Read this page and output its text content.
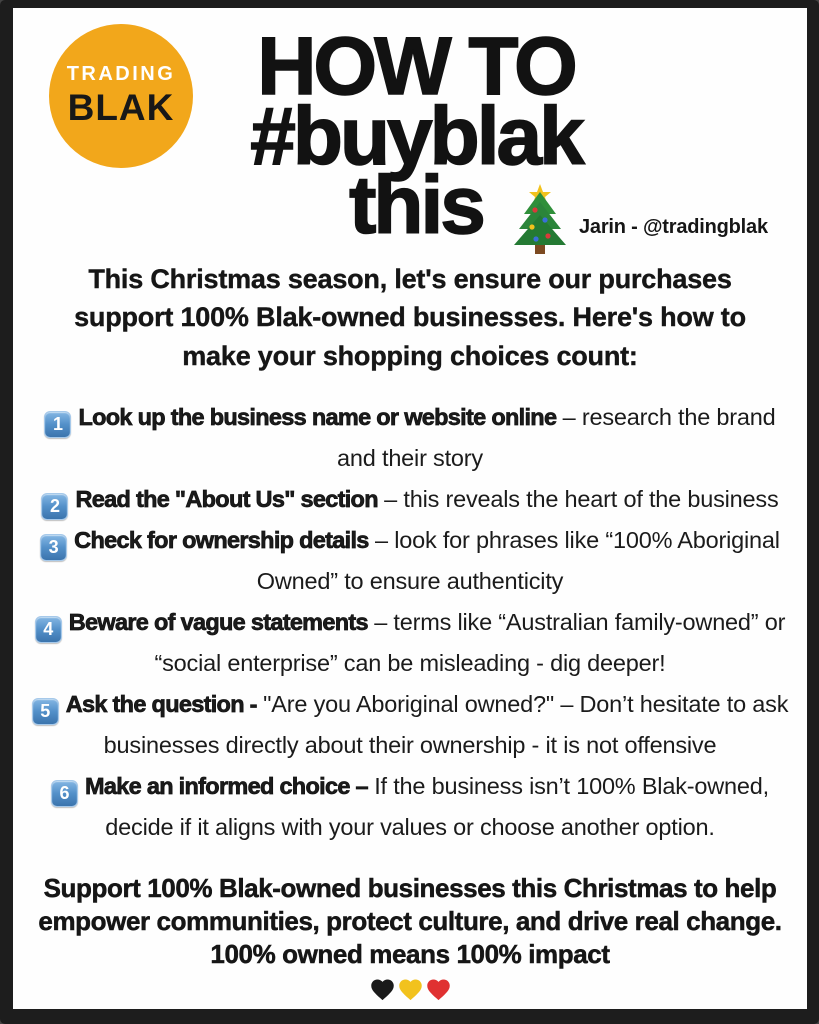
TRADING
BLAK	HOW TO
#buyblak
this	Jarin - @tradingblak
This Christmas season, let's ensure our purchases support 100% Blak-owned businesses. Here's how to make your shopping choices count:
1 Look up the business name or website online – research the brand and their story
2 Read the "About Us" section – this reveals the heart of the business
3 Check for ownership details – look for phrases like “100% Aboriginal Owned” to ensure authenticity
4 Beware of vague statements – terms like “Australian family-owned” or “social enterprise” can be misleading - dig deeper!
5 Ask the question - "Are you Aboriginal owned?" – Don’t hesitate to ask businesses directly about their ownership - it is not offensive
6 Make an informed choice – If the business isn’t 100% Blak-owned, decide if it aligns with your values or choose another option.
Support 100% Blak-owned businesses this Christmas to help empower communities, protect culture, and drive real change.
100% owned means 100% impact
